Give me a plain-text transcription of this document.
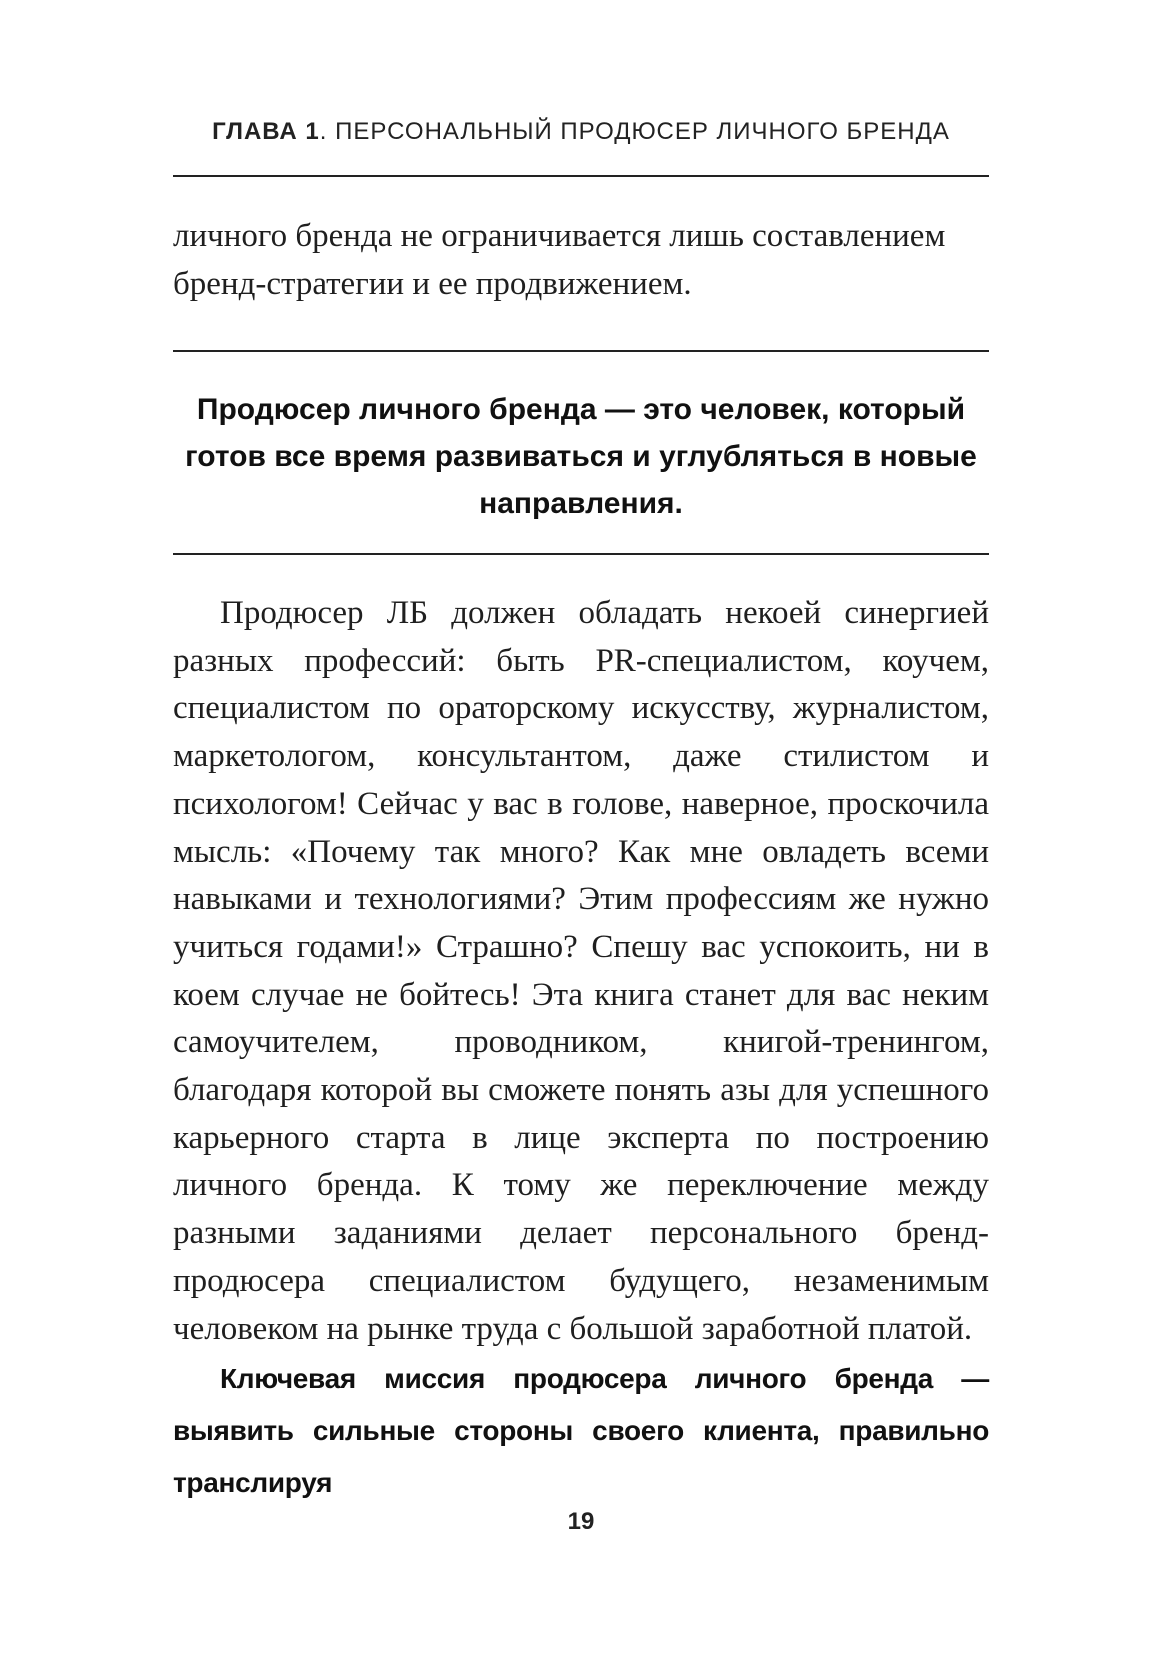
ГЛАВА 1. ПЕРСОНАЛЬНЫЙ ПРОДЮСЕР ЛИЧНОГО БРЕНДА

личного бренда не ограничивается лишь составлением бренд-стратегии и ее продвижением.

Продюсер личного бренда — это человек, который готов все время развиваться и углубляться в новые направления.

Продюсер ЛБ должен обладать некоей синергией разных профессий: быть PR-специалистом, коучем, специалистом по ораторскому искусству, журналистом, маркетологом, консультантом, даже стилистом и психологом! Сейчас у вас в голове, наверное, проскочила мысль: «Почему так много? Как мне овладеть всеми навыками и технологиями? Этим профессиям же нужно учиться годами!» Страшно? Спешу вас успокоить, ни в коем случае не бойтесь! Эта книга станет для вас неким самоучителем, проводником, книгой-тренингом, благодаря которой вы сможете понять азы для успешного карьерного старта в лице эксперта по построению личного бренда. К тому же переключение между разными заданиями делает персонального бренд-продюсера специалистом будущего, незаменимым человеком на рынке труда с большой заработной платой.

Ключевая миссия продюсера личного бренда — выявить сильные стороны своего клиента, правильно транслируя

19
